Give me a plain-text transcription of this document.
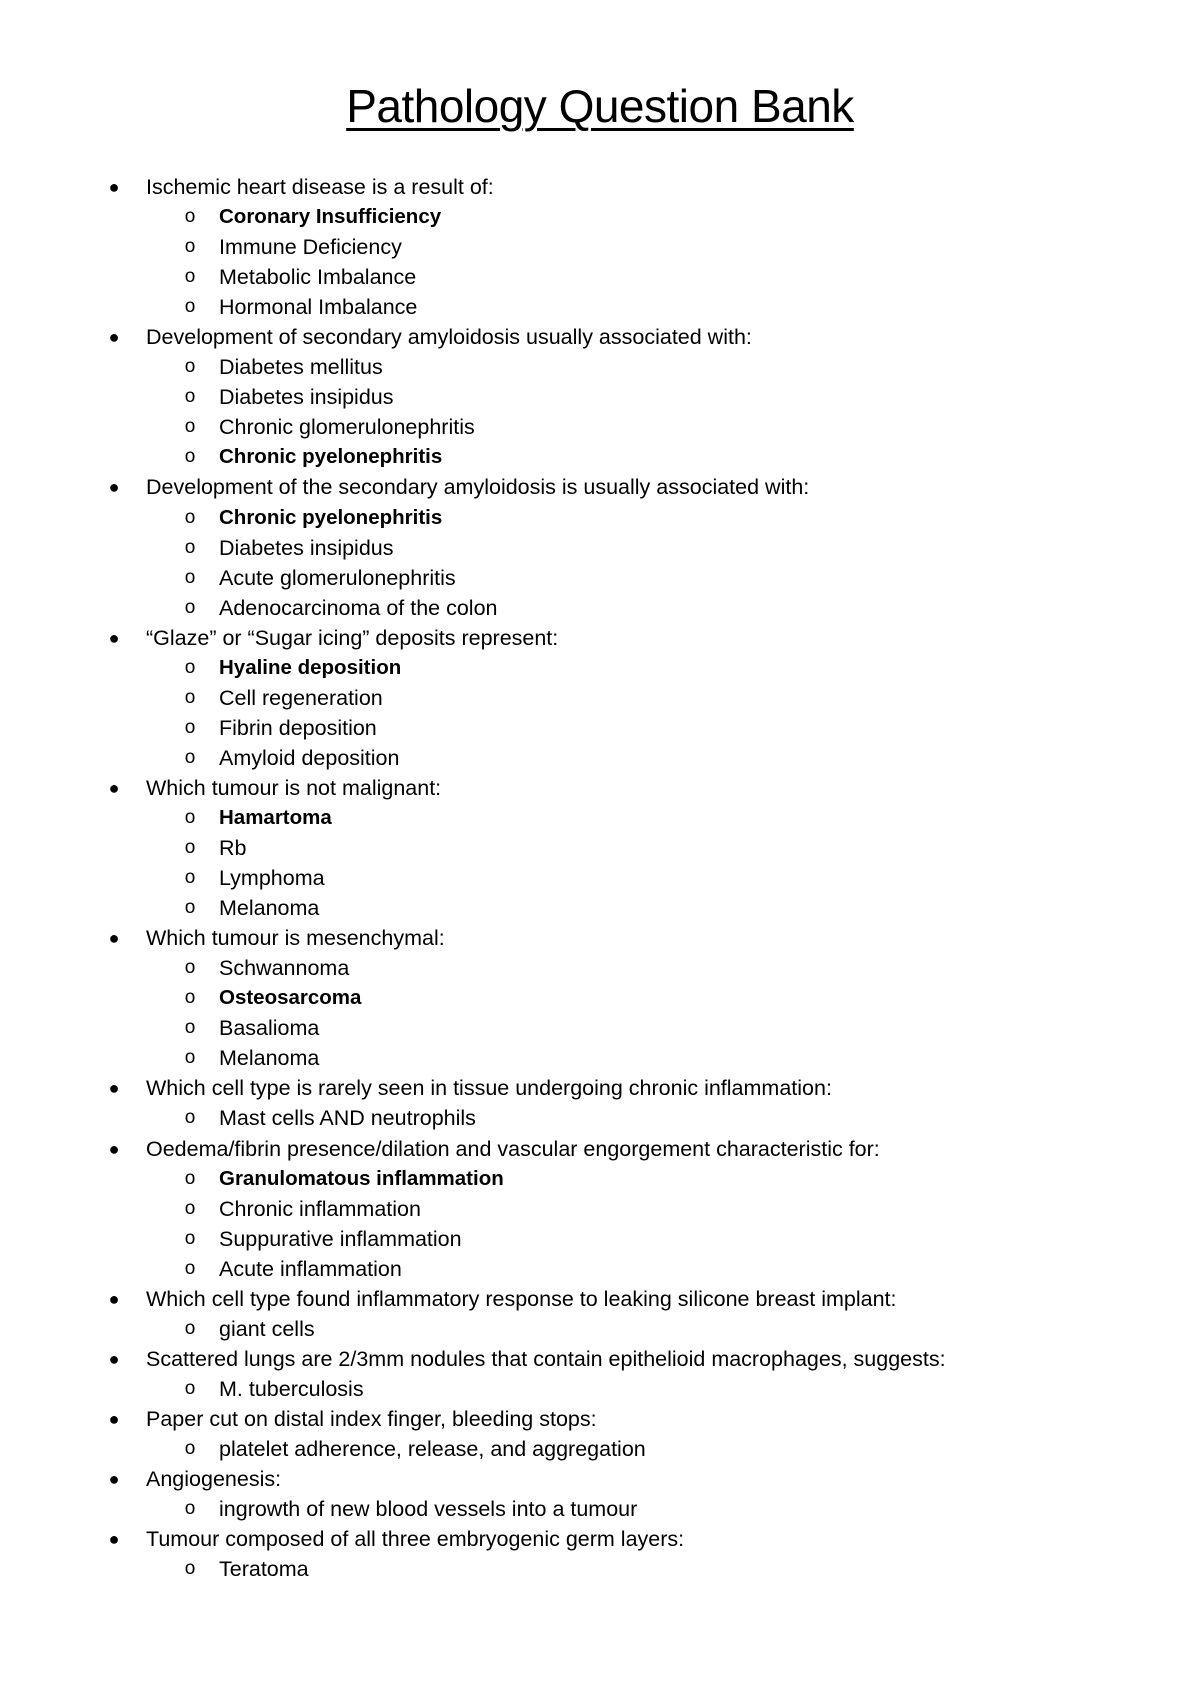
Pathology Question Bank
● Ischemic heart disease is a result of:
o Coronary Insufficiency
o Immune Deficiency
o Metabolic Imbalance
o Hormonal Imbalance
● Development of secondary amyloidosis usually associated with:
o Diabetes mellitus
o Diabetes insipidus
o Chronic glomerulonephritis
o Chronic pyelonephritis
● Development of the secondary amyloidosis is usually associated with:
o Chronic pyelonephritis
o Diabetes insipidus
o Acute glomerulonephritis
o Adenocarcinoma of the colon
● “Glaze” or “Sugar icing” deposits represent:
o Hyaline deposition
o Cell regeneration
o Fibrin deposition
o Amyloid deposition
● Which tumour is not malignant:
o Hamartoma
o Rb
o Lymphoma
o Melanoma
● Which tumour is mesenchymal:
o Schwannoma
o Osteosarcoma
o Basalioma
o Melanoma
● Which cell type is rarely seen in tissue undergoing chronic inflammation:
o Mast cells AND neutrophils
● Oedema/fibrin presence/dilation and vascular engorgement characteristic for:
o Granulomatous inflammation
o Chronic inflammation
o Suppurative inflammation
o Acute inflammation
● Which cell type found inflammatory response to leaking silicone breast implant:
o giant cells
● Scattered lungs are 2/3mm nodules that contain epithelioid macrophages, suggests:
o M. tuberculosis
● Paper cut on distal index finger, bleeding stops:
o platelet adherence, release, and aggregation
● Angiogenesis:
o ingrowth of new blood vessels into a tumour
● Tumour composed of all three embryogenic germ layers:
o Teratoma
